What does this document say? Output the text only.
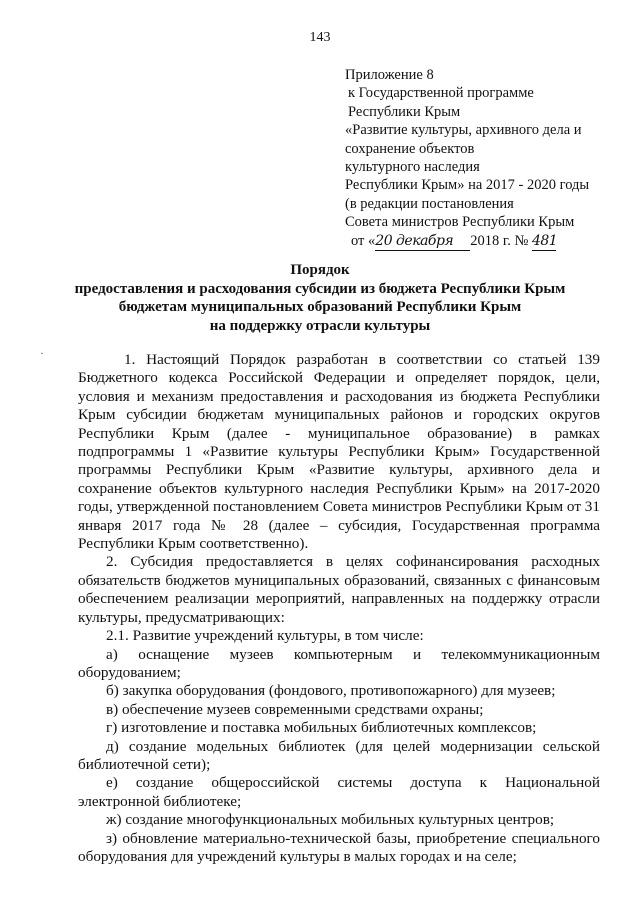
143
Приложение 8
к Государственной программе
Республики Крым
«Развитие культуры, архивного дела и
сохранение объектов
культурного наследия
Республики Крым» на 2017 - 2020 годы
(в редакции постановления
Совета министров Республики Крым
от «20 декабря 2018 г. № 481
Порядок
предоставления и расходования субсидии из бюджета Республики Крым
бюджетам муниципальных образований Республики Крым
на поддержку отрасли культуры
·	1. Настоящий Порядок разработан в соответствии со статьей 139 Бюджетного кодекса Российской Федерации и определяет порядок, цели, условия и механизм предоставления и расходования из бюджета Республики Крым субсидии бюджетам муниципальных районов и городских округов Республики Крым (далее - муниципальное образование) в рамках подпрограммы 1 «Развитие культуры Республики Крым» Государственной программы Республики Крым «Развитие культуры, архивного дела и сохранение объектов культурного наследия Республики Крым» на 2017-2020 годы, утвержденной постановлением Совета министров Республики Крым от 31 января 2017 года № 28 (далее – субсидия, Государственная программа Республики Крым соответственно).

2. Субсидия предоставляется в целях софинансирования расходных обязательств бюджетов муниципальных образований, связанных с финансовым обеспечением реализации мероприятий, направленных на поддержку отрасли культуры, предусматривающих:

2.1. Развитие учреждений культуры, в том числе:

а) оснащение музеев компьютерным и телекоммуникационным оборудованием;

б) закупка оборудования (фондового, противопожарного) для музеев;

в) обеспечение музеев современными средствами охраны;

г) изготовление и поставка мобильных библиотечных комплексов;

д) создание модельных библиотек (для целей модернизации сельской библиотечной сети);

е) создание общероссийской системы доступа к Национальной электронной библиотеке;

ж) создание многофункциональных мобильных культурных центров;

з) обновление материально-технической базы, приобретение специального оборудования для учреждений культуры в малых городах и на селе;
